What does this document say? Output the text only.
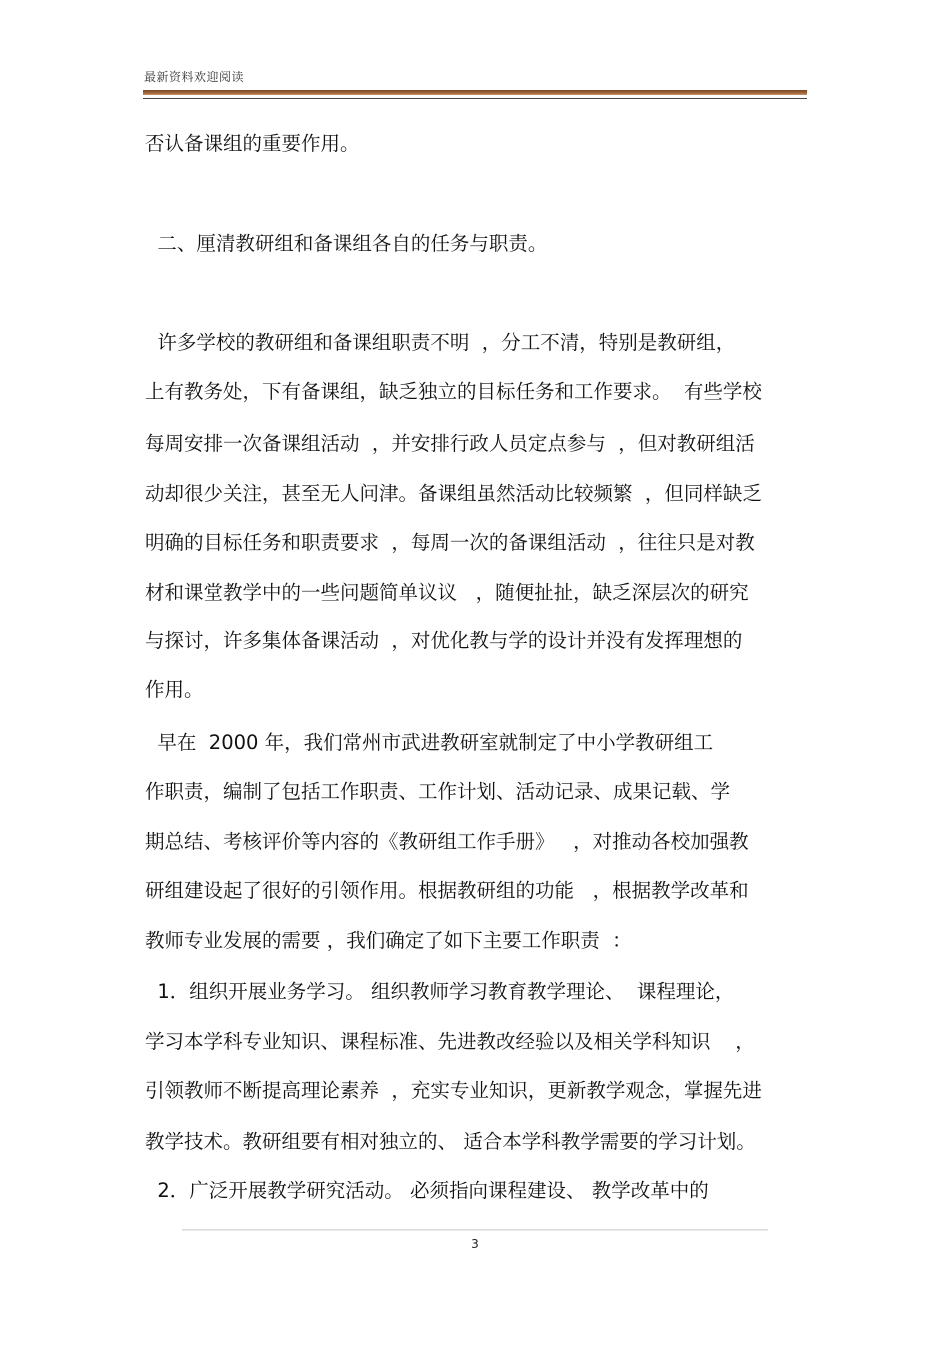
最新资料欢迎阅读
否认备课组的重要作用。
二、厘清教研组和备课组各自的任务与职责。
许多学校的教研组和备课组职责不明  ，分工不清，特别是教研组，
上有教务处，下有备课组，缺乏独立的目标任务和工作要求。  有些学校
每周安排一次备课组活动  ，并安排行政人员定点参与  ，但对教研组活
动却很少关注，甚至无人问津。备课组虽然活动比较频繁  ，但同样缺乏
明确的目标任务和职责要求  ，每周一次的备课组活动  ，往往只是对教
材和课堂教学中的一些问题简单议议   ，随便扯扯，缺乏深层次的研究
与探讨，许多集体备课活动  ，对优化教与学的设计并没有发挥理想的
作用。
早在  2000 年，我们常州市武进教研室就制定了中小学教研组工
作职责，编制了包括工作职责、工作计划、活动记录、成果记载、学
期总结、考核评价等内容的《教研组工作手册》   ，对推动各校加强教
研组建设起了很好的引领作用。根据教研组的功能   ，根据教学改革和
教师专业发展的需要 ，我们确定了如下主要工作职责  ：
1．组织开展业务学习。 组织教师学习教育教学理论、  课程理论，
学习本学科专业知识、课程标准、先进教改经验以及相关学科知识    ，
引领教师不断提高理论素养  ，充实专业知识，更新教学观念，掌握先进
教学技术。教研组要有相对独立的、 适合本学科教学需要的学习计划。
2．广泛开展教学研究活动。 必须指向课程建设、 教学改革中的
3
